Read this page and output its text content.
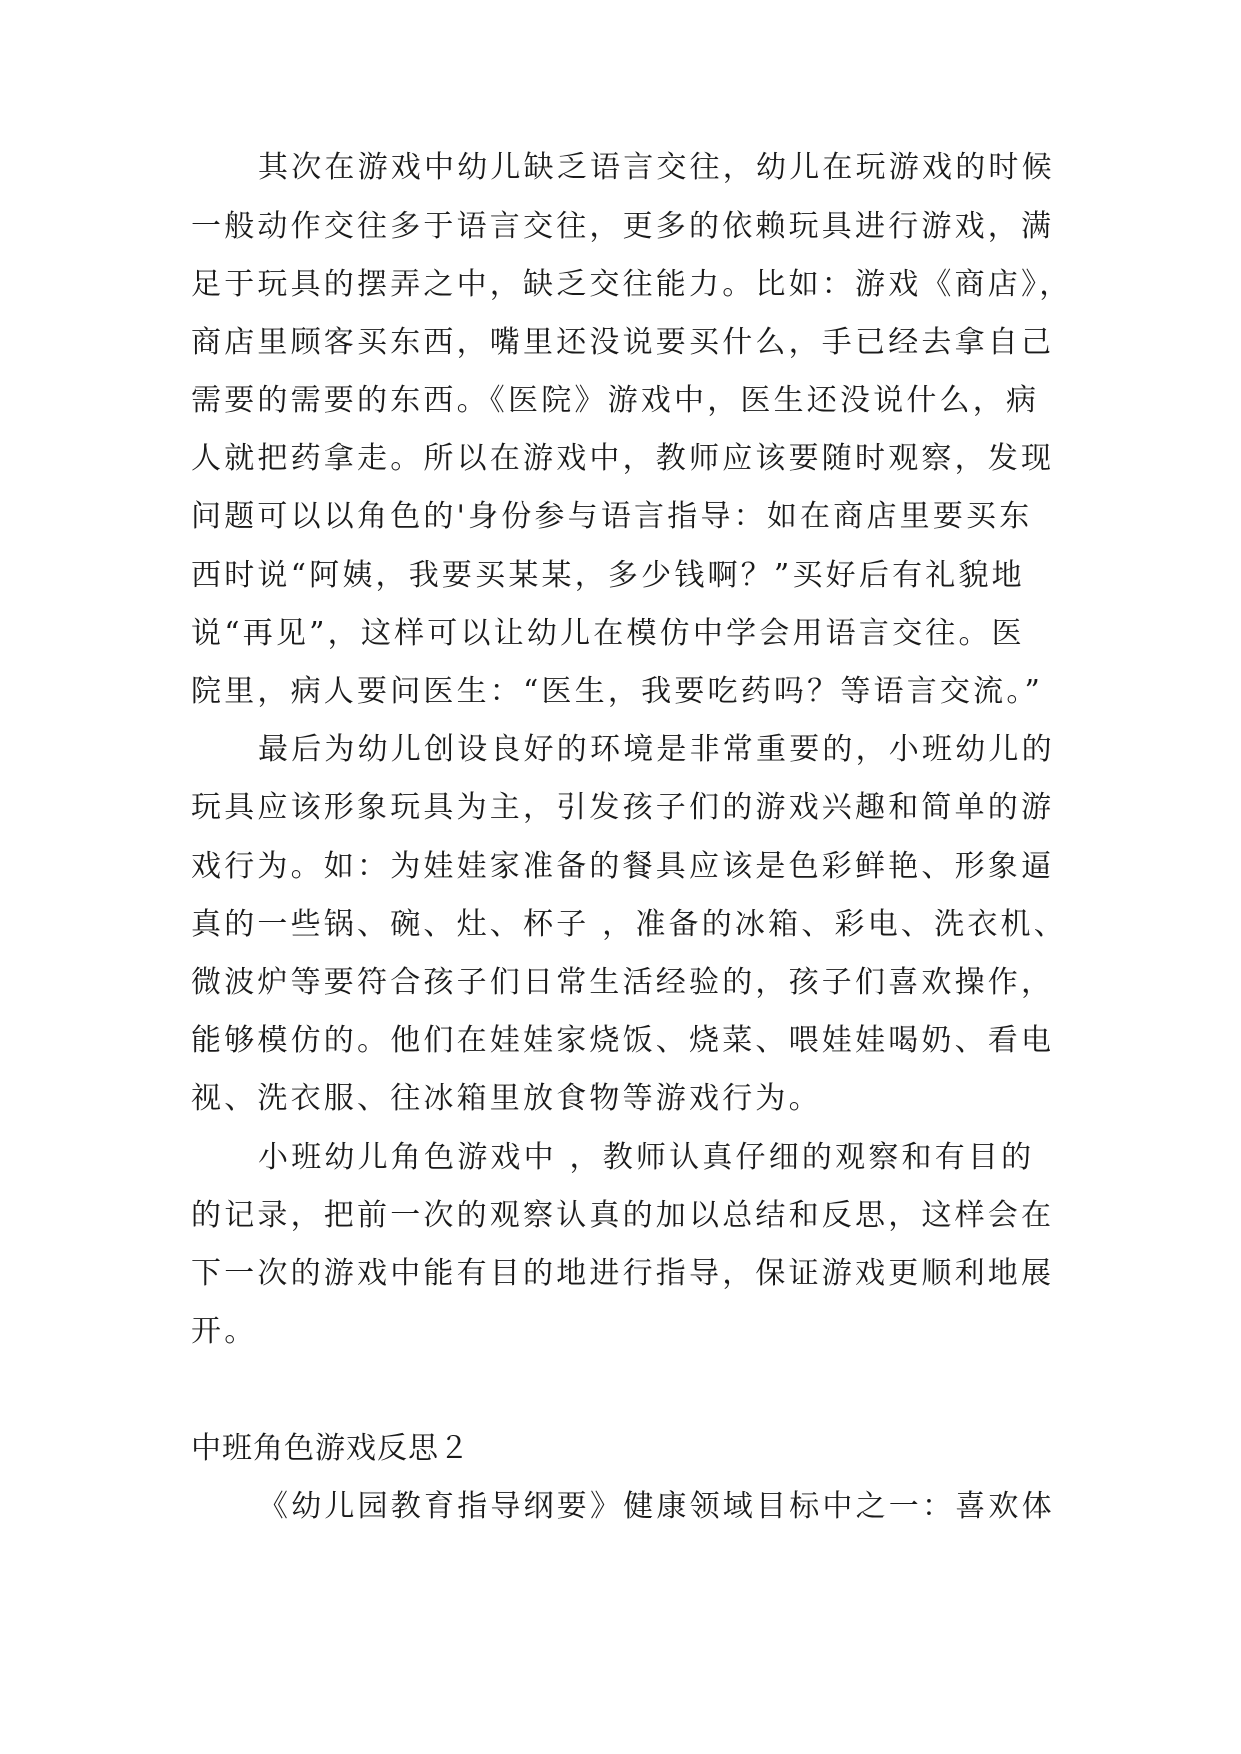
其次在游戏中幼儿缺乏语言交往，幼儿在玩游戏的时候
一般动作交往多于语言交往，更多的依赖玩具进行游戏，满
足于玩具的摆弄之中，缺乏交往能力。比如：游戏《商店》，
商店里顾客买东西，嘴里还没说要买什么，手已经去拿自己
需要的需要的东西。《医院》游戏中，医生还没说什么，病
人就把药拿走。所以在游戏中，教师应该要随时观察，发现
问题可以以角色的'身份参与语言指导：如在商店里要买东
西时说“阿姨，我要买某某，多少钱啊？”买好后有礼貌地
说“再见”，这样可以让幼儿在模仿中学会用语言交往。医
院里，病人要问医生：“医生，我要吃药吗？等语言交流。”
最后为幼儿创设良好的环境是非常重要的，小班幼儿的
玩具应该形象玩具为主，引发孩子们的游戏兴趣和简单的游
戏行为。如：为娃娃家准备的餐具应该是色彩鲜艳、形象逼
真的一些锅、碗、灶、杯子 ，准备的冰箱、彩电、洗衣机、
微波炉等要符合孩子们日常生活经验的，孩子们喜欢操作，
能够模仿的。他们在娃娃家烧饭、烧菜、喂娃娃喝奶、看电
视、洗衣服、往冰箱里放食物等游戏行为。
小班幼儿角色游戏中 ，教师认真仔细的观察和有目的
的记录，把前一次的观察认真的加以总结和反思，这样会在
下一次的游戏中能有目的地进行指导，保证游戏更顺利地展
开。
中班角色游戏反思２
《幼儿园教育指导纲要》健康领域目标中之一：喜欢体
